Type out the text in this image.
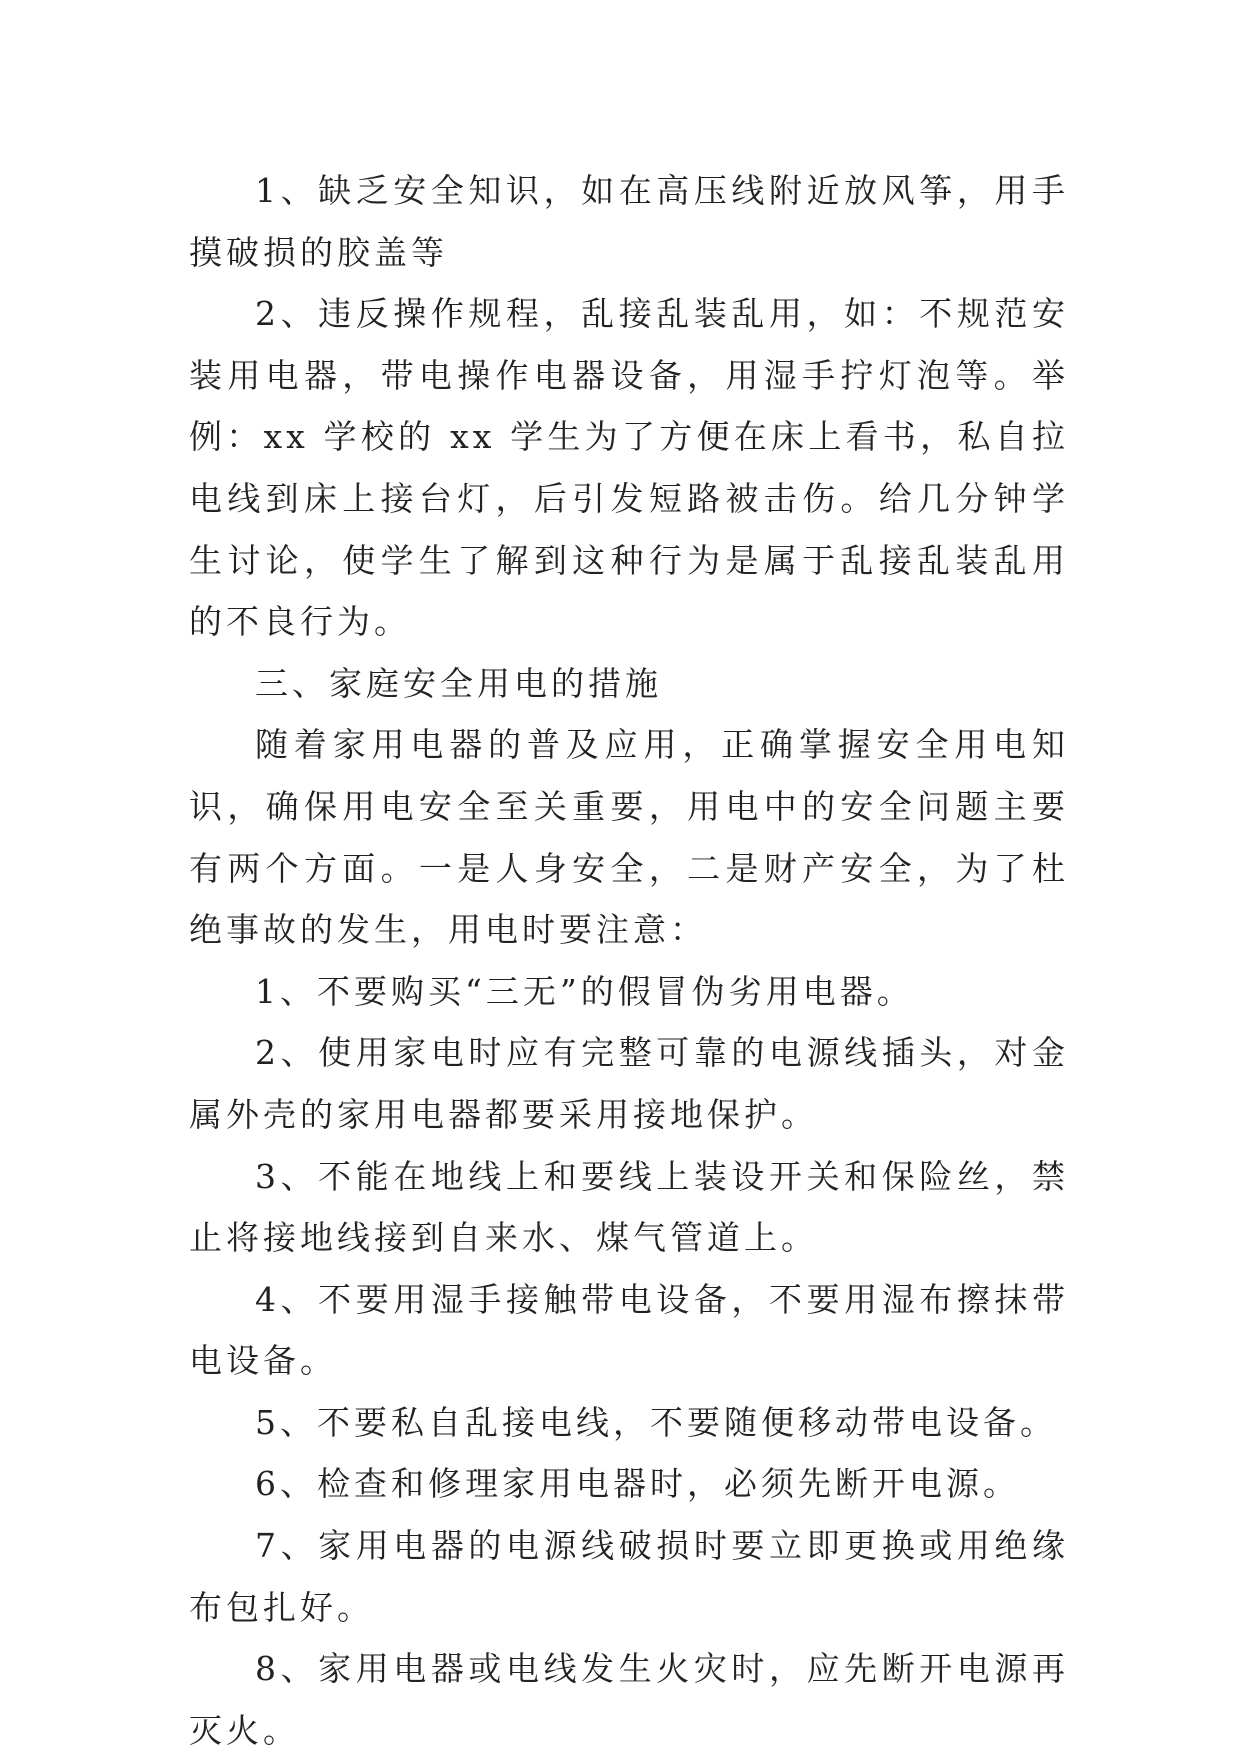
1、缺乏安全知识，如在高压线附近放风筝，用手摸破损的胶盖等

2、违反操作规程，乱接乱装乱用，如：不规范安装用电器，带电操作电器设备，用湿手拧灯泡等。举例：xx 学校的 xx 学生为了方便在床上看书，私自拉电线到床上接台灯，后引发短路被击伤。给几分钟学生讨论，使学生了解到这种行为是属于乱接乱装乱用的不良行为。

三、家庭安全用电的措施

随着家用电器的普及应用，正确掌握安全用电知识，确保用电安全至关重要，用电中的安全问题主要有两个方面。一是人身安全，二是财产安全，为了杜绝事故的发生，用电时要注意：

1、不要购买“三无”的假冒伪劣用电器。

2、使用家电时应有完整可靠的电源线插头，对金属外壳的家用电器都要采用接地保护。

3、不能在地线上和要线上装设开关和保险丝，禁止将接地线接到自来水、煤气管道上。

4、不要用湿手接触带电设备，不要用湿布擦抹带电设备。

5、不要私自乱接电线，不要随便移动带电设备。

6、检查和修理家用电器时，必须先断开电源。

7、家用电器的电源线破损时要立即更换或用绝缘布包扎好。

8、家用电器或电线发生火灾时，应先断开电源再灭火。
